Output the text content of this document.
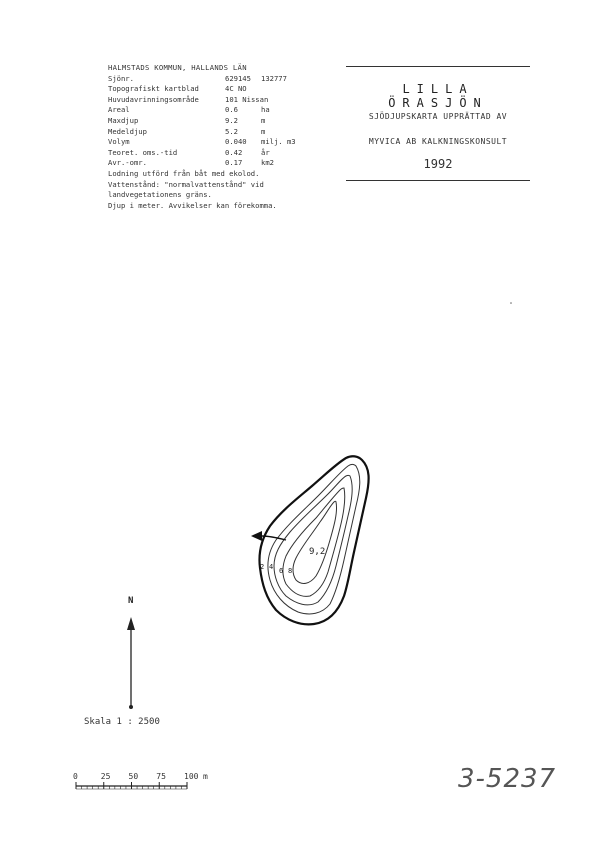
HALMSTADS KOMMUN, HALLANDS LÄN
Sjönr.	629145	132777
Topografiskt kartblad	4C NO
Huvudavrinningsområde	101 Nissan
Areal	0.6	ha
Maxdjup	9.2	m
Medeldjup	5.2	m
Volym	0.040	milj. m3
Teoret. oms.-tid	0.42	år
Avr.-omr.	0.17	km2
Lodning utförd från båt med ekolod.
Vattenstånd: "normalvattenstånd" vid
landvegetationens gräns.
Djup i meter. Avvikelser kan förekomma.
LILLA ÖRASJÖN
SJÖDJUPSKARTA UPPRÄTTAD AV
MYVICA AB KALKNINGSKONSULT
1992
9,2
2 4 6 8
N
Skala 1 : 2500
0	25 50 75 100 m	3-5237
